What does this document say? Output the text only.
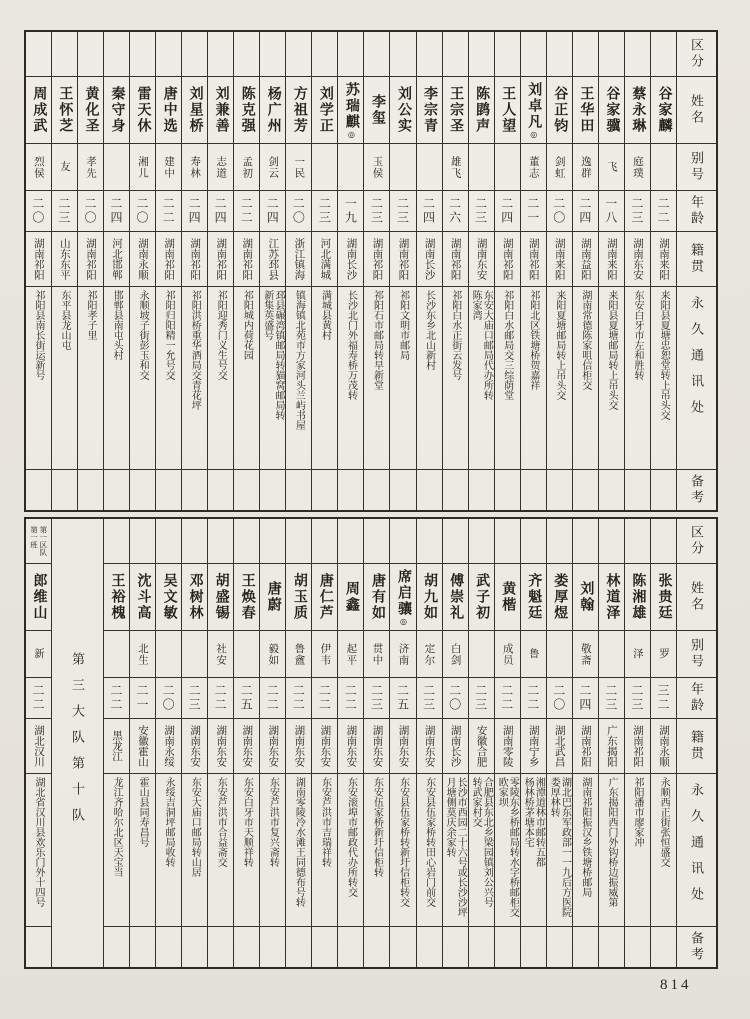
区分
姓名
别号
年龄
籍贯
永久通讯处
备考
谷家麟
二二
湖南来阳
来阳县夏塘忠恕堂转上吊头交
蔡永琳
庭璞
二三
湖南东安
东安白牙市左和胜转
谷家骥
飞
一八
湖南来阳
来阳县夏塘邮局转上吊头交
王华田
逸群
二四
湖南益阳
湖南常德陈家咀信柜交
谷正钧
剑虹
二〇
湖南来阳
来阳夏塘邮局转上吊头交
刘卓凡◎
董志
二一
湖南祁阳
祁阳北区铁塘桥贺嘉祥
王人望
二四
湖南祁阳
祁阳白水邮局交三综荫堂
陈鹍声
二三
湖南东安
东安大庙口邮局代办所转
陈家湾
王宗圣
雄飞
二六
湖南祁阳
祁阳白水正街云发号
李宗青
二四
湖南长沙
长沙东乡北山新村
刘公实
二三
湖南祁阳
祁阳文明市邮局
李玺
玉侯
二三
湖南祁阳
祁阳石市邮局转早新堂
苏瑞麒◎
一九
湖南长沙
长沙北门外福寿桥万茂转
刘学正
二三
河北满城
满城县黄村
方祖芳
一民
二〇
浙江镇海
镇海镇北苑市方家河头兰屿书屋
杨广州
剑云
二四
江苏邳县
邳县碾湾镇邮局转猫窝邮局转
新集英盛号
陈克强
孟初
二二
湖南祁阳
祁阳城内荷花园
刘兼善
志道
二四
湖南祁阳
祁阳迎秀门义生号交
刘星桥
寿林
二四
湖南祁阳
祁阳洪桥重华酒局交青花坪
唐中选
建中
二二
湖南祁阳
祁阳归阳精一允号交
雷天休
湘儿
二〇
湖南永顺
永顺坡子街彭玉和交
秦守身
二四
河北邯郸
邯郸县南屯头村
黄化圣
孝先
二〇
湖南祁阳
祁阳孝子里
王怀芝
友
二三
山东东平
东平县龙山屯
周成武
烈侯
二〇
湖南祁阳
祁阳县南长街运新号
区分
姓名
别号
年龄
籍贯
永久通讯处
备考
张贵廷
罗
三二
湖南永顺
永顺西正街张恒盛交
陈湘雄
泽
二三
湖南祁阳
祁阳潘市廖家冲
林道泽
二三
广东揭阳
广东揭阳西门外钩桥边振威第
刘翰
敬斋
二四
湖南祁阳
湖南祁阳振汉乡铁塘桥邮局
娄厚煜
二〇
湖北武昌
湖北巴东军政部一一九后方医院
娄厚林转
齐魁廷
鲁
二二
湖南宁乡
湘潭道林市邮转五都
杨林桥茅塘本宅
黄楷
成员
二二
湖南零陵
零陵东乡桥邮局转水字桥邮柜交
欧家坝
武子初
二三
安徽合肥
合肥县东北乡梁园镇刘公兴号
转武家村交
傅崇礼
白剑
二〇
湖南长沙
长沙市西园二十六号或长沙沙坪
月塘侧莫庆余家转
胡九如
定尔
二三
湖南东安
东安县伍家桥转田心岩门前交
席启骧◎
济南
二五
湖南东安
东安县伍家桥转新圩信柜转交
唐有如
贯中
二三
湖南东安
东安伍家桥新圩信柜转
周鑫
起平
二二
湖南东安
东安滚埠市邮政代办所转交
唐仁芦
伊韦
二二
湖南东安
东安芦洪市吉瑞祥转
胡玉质
鲁盦
二二
湖南东安
湖南零陵冷水滩王同德布号转
唐蔚
毅如
二二
湖南东安
东安芦洪市复兴斋转
王焕春
二五
湖南东安
东安白牙市天顺祥转
胡盛锡
社安
二二
湖南东安
东安芦洪市合益斋交
邓树林
二三
湖南东安
东安大庙口邮局转山居
吴文敏
二〇
湖南永绥
永绥吉洞坪邮局收转
沈斗高
北生
二一
安徽霍山
霍山县同寿昌号
王裕槐
二二
黑龙江
龙江齐哈尔北区天宝当
第三大队第十队
第一区队
第一班
郎维山
新
二二
湖北汉川
湖北省汉川县欢乐门外十四号
814
